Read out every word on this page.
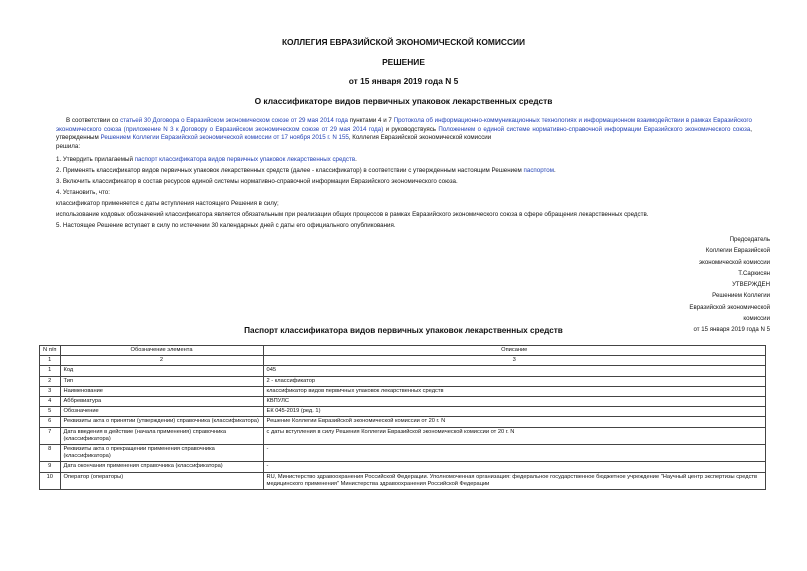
КОЛЛЕГИЯ ЕВРАЗИЙСКОЙ ЭКОНОМИЧЕСКОЙ КОМИССИИ
РЕШЕНИЕ
от 15 января 2019 года N 5
О классификаторе видов первичных упаковок лекарственных средств

В соответствии со статьей 30 Договора о Евразийском экономическом союзе от 29 мая 2014 года пунктами 4 и 7 Протокола об информационно-коммуникационных технологиях и информационном взаимодействии в рамках Евразийского экономического союза (приложение N 3 к Договору о Евразийском экономическом союзе от 29 мая 2014 года) и руководствуясь Положением о единой системе нормативно-справочной информации Евразийского экономического союза, утвержденным Решением Коллегии Евразийской экономической комиссии от 17 ноября 2015 г. N 155, Коллегия Евразийской экономической комиссии
решила:

1. Утвердить прилагаемый паспорт классификатора видов первичных упаковок лекарственных средств.
2. Применять классификатор видов первичных упаковок лекарственных средств (далее - классификатор) в соответствии с утвержденным настоящим Решением паспортом.
3. Включить классификатор в состав ресурсов единой системы нормативно-справочной информации Евразийского экономического союза.
4. Установить, что:
классификатор применяется с даты вступления настоящего Решения в силу;
использование кодовых обозначений классификатора является обязательным при реализации общих процессов в рамках Евразийского экономического союза в сфере обращения лекарственных средств.
5. Настоящее Решение вступает в силу по истечении 30 календарных дней с даты его официального опубликования.
Председатель
Коллегии Евразийской
экономической комиссии
Т.Саркисян
УТВЕРЖДЕН
Решением Коллегии
Евразийской экономической
комиссии
от 15 января 2019 года N 5
Паспорт классификатора видов первичных упаковок лекарственных средств
N п/п	Обозначение элемента	Описание
1	2	3
1	Код	045
2	Тип	2 - классификатор
3	Наименование	классификатор видов первичных упаковок лекарственных средств
4	Аббревиатура	КВПУЛС
5	Обозначение	ЕК 045-2019 (ред. 1)
6	Реквизиты акта о принятии (утверждении) справочника (классификатора)	Решение Коллегии Евразийской экономической комиссии от 20 г. N
7	Дата введения в действие (начала применения) справочника (классификатора)	с даты вступления в силу Решения Коллегии Евразийской экономической комиссии от 20 г. N
8	Реквизиты акта о прекращении применения справочника (классификатора)	-
9	Дата окончания применения справочника (классификатора)	-
10	Оператор (операторы)	RU, Министерство здравоохранения Российской Федерации. Уполномоченная организация: федеральное государственное бюджетное учреждение "Научный центр экспертизы средств медицинского применения" Министерства здравоохранения Российской Федерации
